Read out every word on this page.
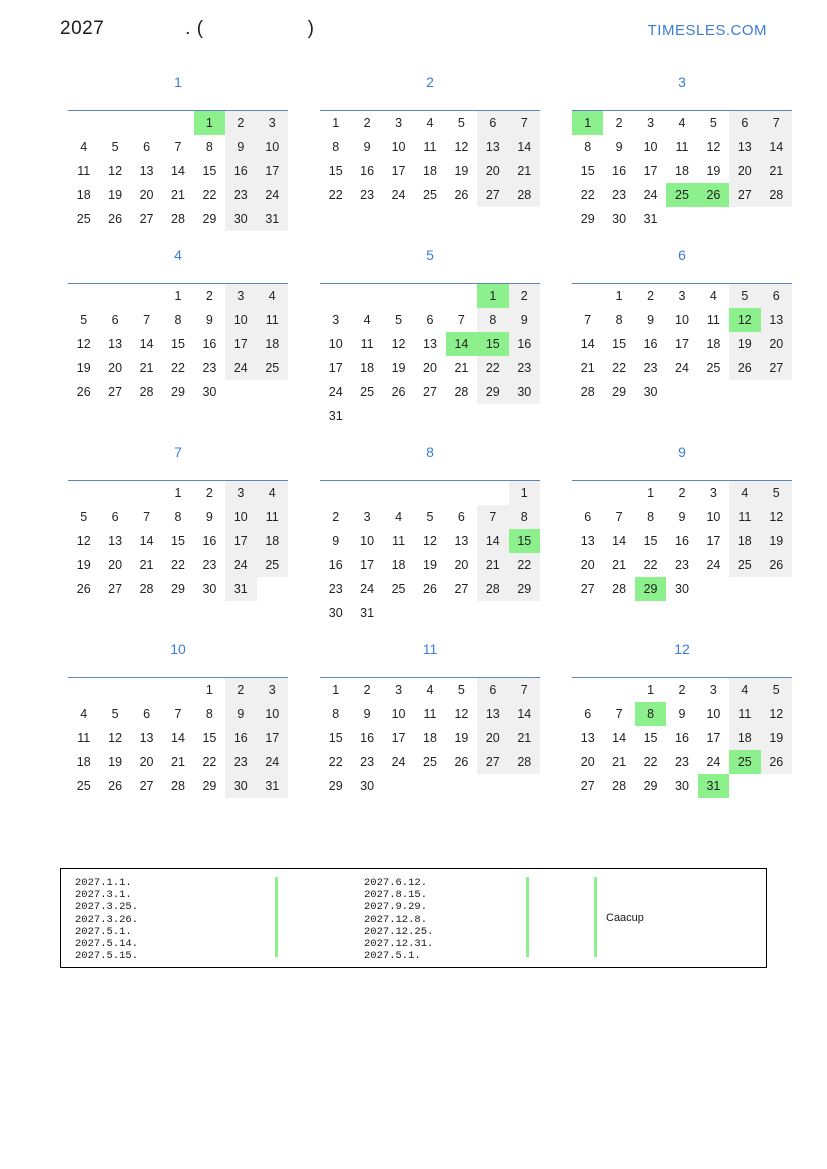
2027              . (                  )	TIMESLES.COM
1

				1	2	3
4	5	6	7	8	9	10
11	12	13	14	15	16	17
18	19	20	21	22	23	24
25	26	27	28	29	30	31
2

1	2	3	4	5	6	7
8	9	10	11	12	13	14
15	16	17	18	19	20	21
22	23	24	25	26	27	28
3

1	2	3	4	5	6	7
8	9	10	11	12	13	14
15	16	17	18	19	20	21
22	23	24	25	26	27	28
29	30	31				
4

			1	2	3	4
5	6	7	8	9	10	11
12	13	14	15	16	17	18
19	20	21	22	23	24	25
26	27	28	29	30		
5

					1	2
3	4	5	6	7	8	9
10	11	12	13	14	15	16
17	18	19	20	21	22	23
24	25	26	27	28	29	30
31						
6

	1	2	3	4	5	6
7	8	9	10	11	12	13
14	15	16	17	18	19	20
21	22	23	24	25	26	27
28	29	30				
7

			1	2	3	4
5	6	7	8	9	10	11
12	13	14	15	16	17	18
19	20	21	22	23	24	25
26	27	28	29	30	31	
8

						1
2	3	4	5	6	7	8
9	10	11	12	13	14	15
16	17	18	19	20	21	22
23	24	25	26	27	28	29
30	31					
9

		1	2	3	4	5
6	7	8	9	10	11	12
13	14	15	16	17	18	19
20	21	22	23	24	25	26
27	28	29	30			
10

				1	2	3
4	5	6	7	8	9	10
11	12	13	14	15	16	17
18	19	20	21	22	23	24
25	26	27	28	29	30	31
11

1	2	3	4	5	6	7
8	9	10	11	12	13	14
15	16	17	18	19	20	21
22	23	24	25	26	27	28
29	30					
12

		1	2	3	4	5
6	7	8	9	10	11	12
13	14	15	16	17	18	19
20	21	22	23	24	25	26
27	28	29	30	31		
2027.1.1.
2027.3.1.
2027.3.25.
2027.3.26.
2027.5.1.
2027.5.14.
2027.5.15.
2027.6.12.
2027.8.15.
2027.9.29.
2027.12.8.
2027.12.25.
2027.12.31.
2027.5.1.
Caacup
